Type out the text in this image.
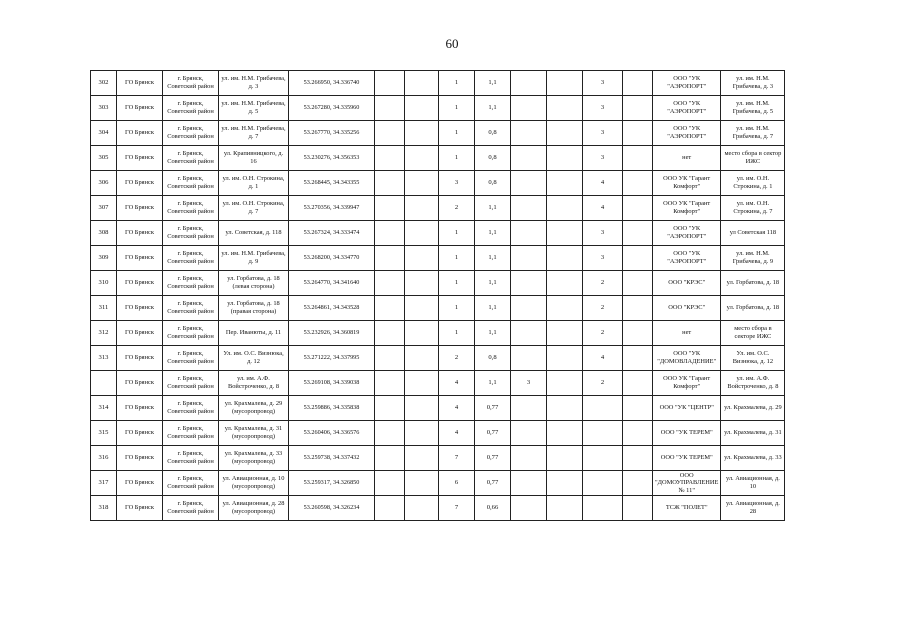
60
302	ГО Брянск	г. Брянск, Советский район	ул. им. Н.М. Грибачева, д. 3	53.266950, 34.336740			1	1,1			3		ООО "УК "АЭРОПОРТ"	ул. им. Н.М. Грибачева, д. 3
303	ГО Брянск	г. Брянск, Советский район	ул. им. Н.М. Грибачева, д. 5	53.267280, 34.335960			1	1,1			3		ООО "УК "АЭРОПОРТ"	ул. им. Н.М. Грибачева, д. 5
304	ГО Брянск	г. Брянск, Советский район	ул. им. Н.М. Грибачева, д. 7	53.267770, 34.335256			1	0,8			3		ООО "УК "АЭРОПОРТ"	ул. им. Н.М. Грибачева, д. 7
305	ГО Брянск	г. Брянск, Советский район	ул. Крапивницкого, д. 16	53.230276, 34.356353			1	0,8			3		нет	место сбора в сектор ИЖС
306	ГО Брянск	г. Брянск, Советский район	ул. им. О.Н. Строкина, д. 1	53.268445, 34.343355			3	0,8			4		ООО УК "Гарант Комфорт"	ул. им. О.Н. Строкина, д. 1
307	ГО Брянск	г. Брянск, Советский район	ул. им. О.Н. Строкина, д. 7	53.270356, 34.339947			2	1,1			4		ООО УК "Гарант Комфорт"	ул. им. О.Н. Строкина, д. 7
308	ГО Брянск	г. Брянск, Советский район	ул. Советская, д. 118	53.267324, 34.333474			1	1,1			3		ООО "УК "АЭРОПОРТ"	ул Советская 118
309	ГО Брянск	г. Брянск, Советский район	ул. им. Н.М. Грибачева, д. 9	53.268200, 34.334770			1	1,1			3		ООО "УК "АЭРОПОРТ"	ул. им. Н.М. Грибачева, д. 9
310	ГО Брянск	г. Брянск, Советский район	ул. Горбатова, д. 18 (левая сторона)	53.264770, 34.341640			1	1,1			2		ООО "КРЭС"	ул. Горбатова, д. 18
311	ГО Брянск	г. Брянск, Советский район	ул. Горбатова, д. 18 (правая сторона)	53.264861, 34.343528			1	1,1			2		ООО "КРЭС"	ул. Горбатова, д. 18
312	ГО Брянск	г. Брянск, Советский район	Пер. Иванюты, д. 11	53.232926, 34.360819			1	1,1			2		нет	место сбора в секторе ИЖС
313	ГО Брянск	г. Брянск, Советский район	Ул. им. О.С. Визнюка, д. 12	53.271222, 34.337995			2	0,8			4		ООО "УК "ДОМОВЛАДЕНИЕ"	Ул. им. О.С. Визнюка, д. 12
	ГО Брянск	г. Брянск, Советский район	ул. им. А.Ф. Войстроченко, д. 8	53.269108, 34.339038			4	1,1	3		2		ООО УК "Гарант Комфорт"	ул. им. А.Ф. Войстроченко, д. 8
314	ГО Брянск	г. Брянск, Советский район	ул. Крахмалева, д. 29 (мусоропровод)	53.259886, 34.335838			4	0,77					ООО "УК "ЦЕНТР"	ул. Крахмалева, д. 29
315	ГО Брянск	г. Брянск, Советский район	ул. Крахмалева, д. 31 (мусоропровод)	53.260406, 34.336576			4	0,77					ООО "УК ТЕРЕМ"	ул. Крахмалева, д. 31
316	ГО Брянск	г. Брянск, Советский район	ул. Крахмалева, д. 33 (мусоропровод)	53.259738, 34.337432			7	0,77					ООО "УК ТЕРЕМ"	ул. Крахмалева, д. 33
317	ГО Брянск	г. Брянск, Советский район	ул. Авиационная, д. 10 (мусоропровод)	53.259317, 34.326850			6	0,77					ООО "ДОМОУПРАВЛЕНИЕ № 11"	ул. Авиационная, д. 10
318	ГО Брянск	г. Брянск, Советский район	ул. Авиационная, д. 28 (мусоропровод)	53.260598, 34.326234			7	0,66					ТСЖ "ПОЛЕТ"	ул. Авиационная, д. 28
